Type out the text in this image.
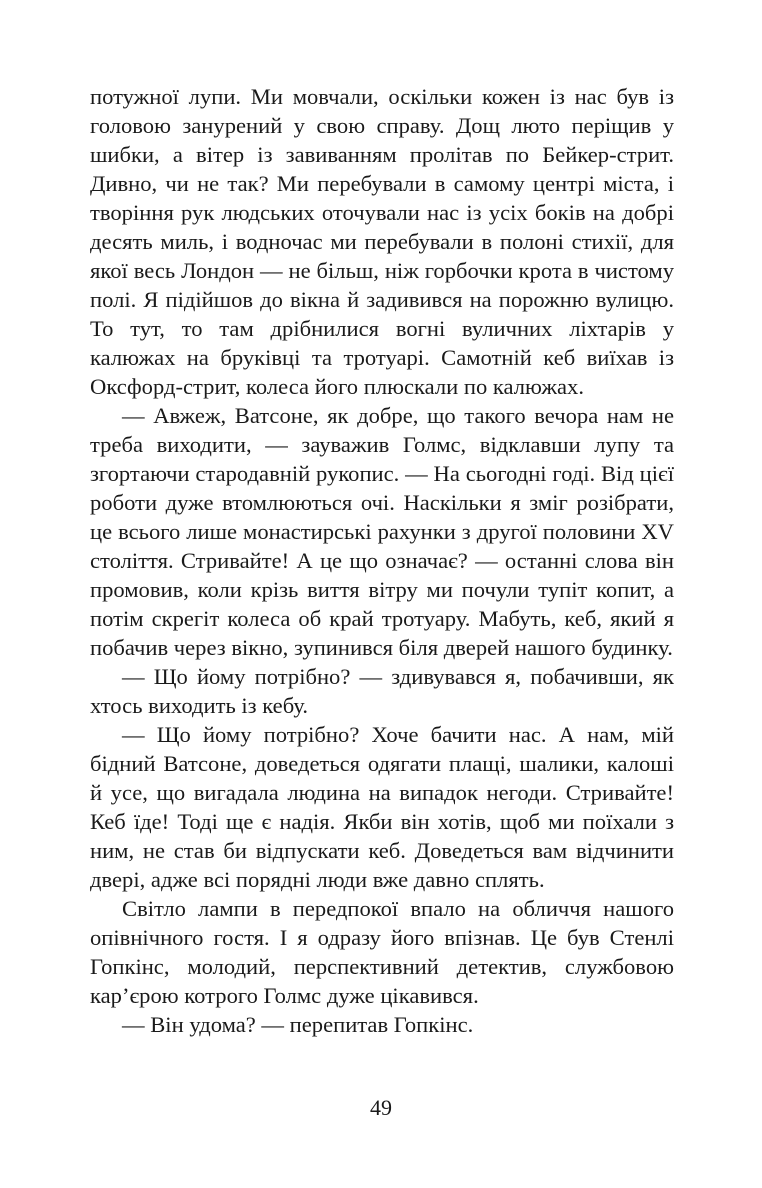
потужної лупи. Ми мовчали, оскільки кожен із нас був із головою занурений у свою справу. Дощ люто періщив у шибки, а вітер із завиванням пролітав по Бейкер-стрит. Дивно, чи не так? Ми перебували в самому центрі міста, і творіння рук людських оточували нас із усіх боків на добрі десять миль, і водночас ми перебували в полоні стихії, для якої весь Лондон — не більш, ніж горбочки крота в чистому полі. Я підійшов до вікна й задивився на порожню вулицю. То тут, то там дрібнилися вогні вуличних ліхтарів у калюжах на бруківці та тротуарі. Самотній кеб виїхав із Оксфорд-стрит, колеса його плюскали по калюжах.

— Авжеж, Ватсоне, як добре, що такого вечора нам не треба виходити, — зауважив Голмс, відклавши лупу та згортаючи стародавній рукопис. — На сьогодні годі. Від цієї роботи дуже втомлюються очі. Наскільки я зміг розібрати, це всього лише монастирські рахунки з другої половини XV століття. Стривайте! А це що означає? — останні слова він промовив, коли крізь виття вітру ми почули тупіт копит, а потім скрегіт колеса об край тротуару. Мабуть, кеб, який я побачив через вікно, зупинився біля дверей нашого будинку.

— Що йому потрібно? — здивувався я, побачивши, як хтось виходить із кебу.

— Що йому потрібно? Хоче бачити нас. А нам, мій бідний Ватсоне, доведеться одягати плащі, шалики, калоші й усе, що вигадала людина на випадок негоди. Стривайте! Кеб їде! Тоді ще є надія. Якби він хотів, щоб ми поїхали з ним, не став би відпускати кеб. Доведеться вам відчинити двері, адже всі порядні люди вже давно сплять.

Світло лампи в передпокої впало на обличчя нашого опівнічного гостя. І я одразу його впізнав. Це був Стенлі Гопкінс, молодий, перспективний детектив, службовою кар’єрою котрого Голмс дуже цікавився.

— Він удома? — перепитав Гопкінс.

49
